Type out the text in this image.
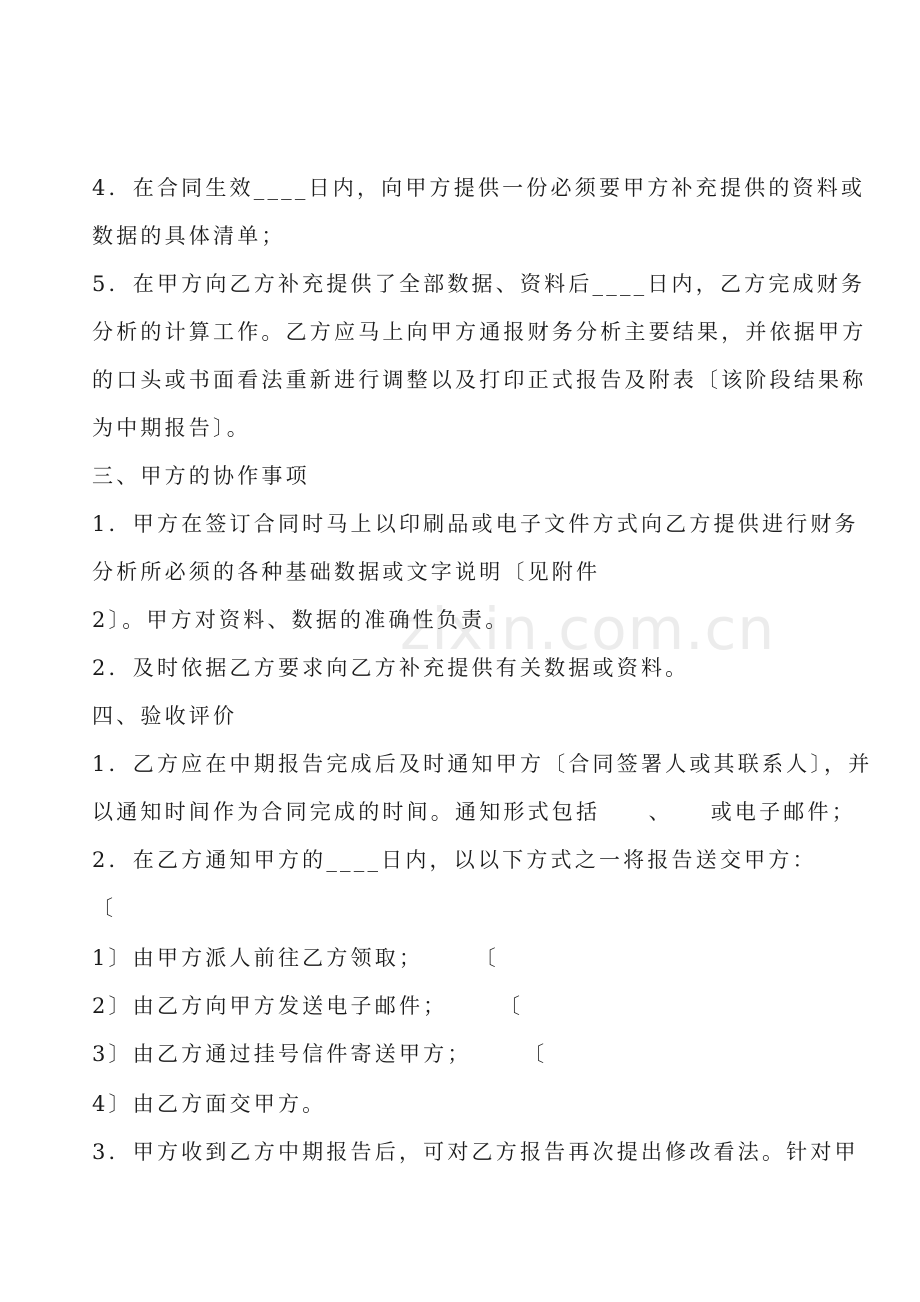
zixin.com.cn
4．在合同生效____日内，向甲方提供一份必须要甲方补充提供的资料或
数据的具体清单；
5．在甲方向乙方补充提供了全部数据、资料后____日内，乙方完成财务
分析的计算工作。乙方应马上向甲方通报财务分析主要结果，并依据甲方
的口头或书面看法重新进行调整以及打印正式报告及附表〔该阶段结果称
为中期报告〕。
三、甲方的协作事项
1．甲方在签订合同时马上以印刷品或电子文件方式向乙方提供进行财务
分析所必须的各种基础数据或文字说明〔见附件
2〕。甲方对资料、数据的准确性负责。
2．及时依据乙方要求向乙方补充提供有关数据或资料。
四、验收评价
1．乙方应在中期报告完成后及时通知甲方〔合同签署人或其联系人〕，并
以通知时间作为合同完成的时间。通知形式包括　　、　　或电子邮件；
2．在乙方通知甲方的____日内，以以下方式之一将报告送交甲方：
〔
1〕由甲方派人前往乙方领取；　　　〔
2〕由乙方向甲方发送电子邮件；　　　〔
3〕由乙方通过挂号信件寄送甲方；　　　〔
4〕由乙方面交甲方。
3．甲方收到乙方中期报告后，可对乙方报告再次提出修改看法。针对甲
